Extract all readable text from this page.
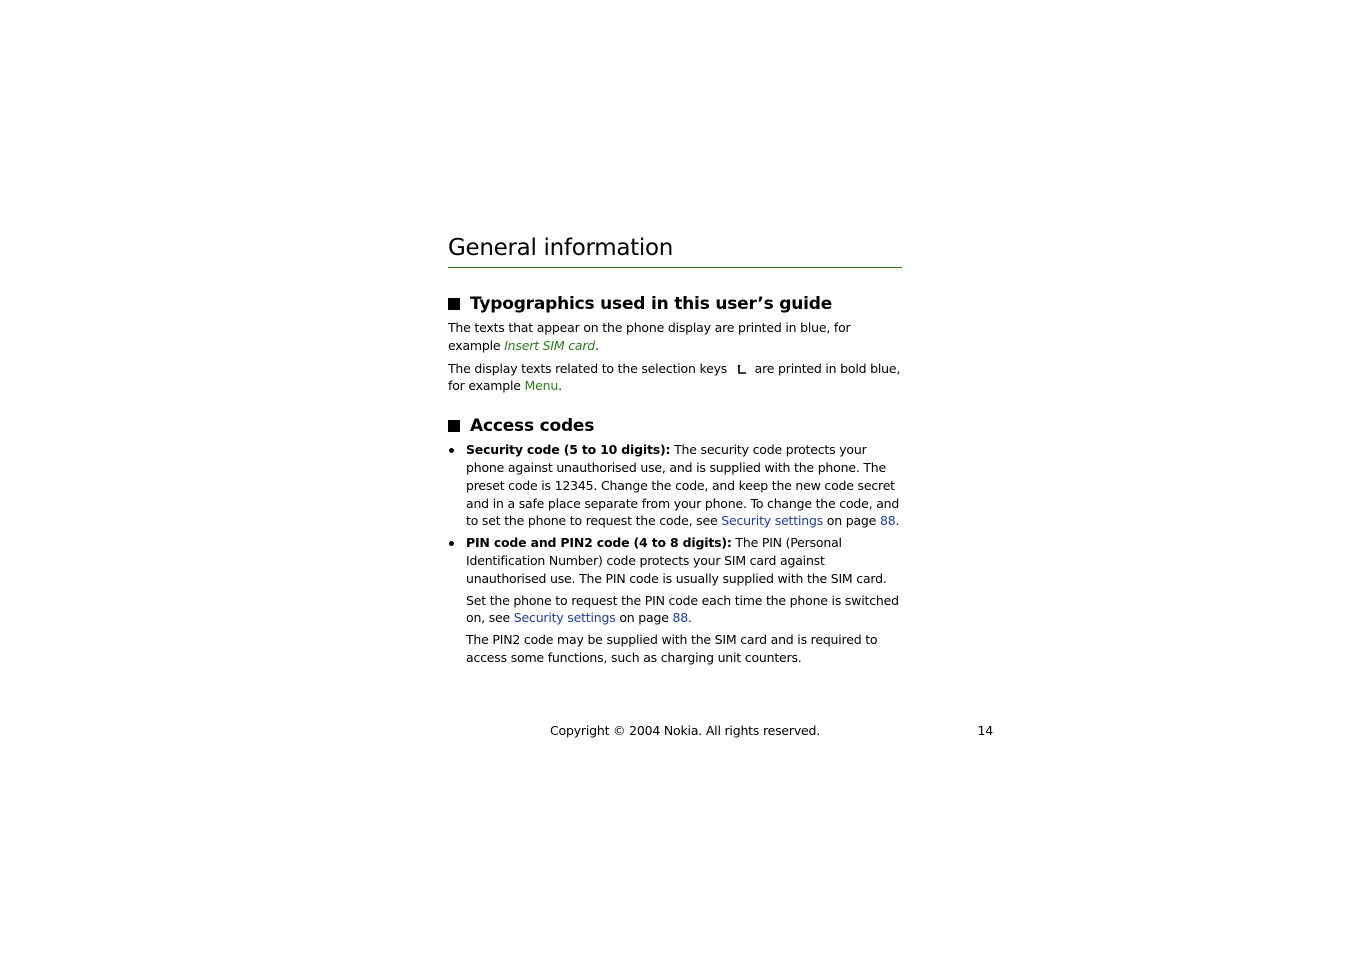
General information
Typographics used in this user’s guide

The texts that appear on the phone display are printed in blue, for example Insert SIM card.

The display texts related to the selection keys are printed in bold blue, for example Menu.

Access codes

Security code (5 to 10 digits): The security code protects your phone against unauthorised use, and is supplied with the phone. The preset code is 12345. Change the code, and keep the new code secret and in a safe place separate from your phone. To change the code, and to set the phone to request the code, see Security settings on page 88.

PIN code and PIN2 code (4 to 8 digits): The PIN (Personal Identification Number) code protects your SIM card against unauthorised use. The PIN code is usually supplied with the SIM card.

Set the phone to request the PIN code each time the phone is switched on, see Security settings on page 88.

The PIN2 code may be supplied with the SIM card and is required to access some functions, such as charging unit counters.

Copyright © 2004 Nokia. All rights reserved.	14
